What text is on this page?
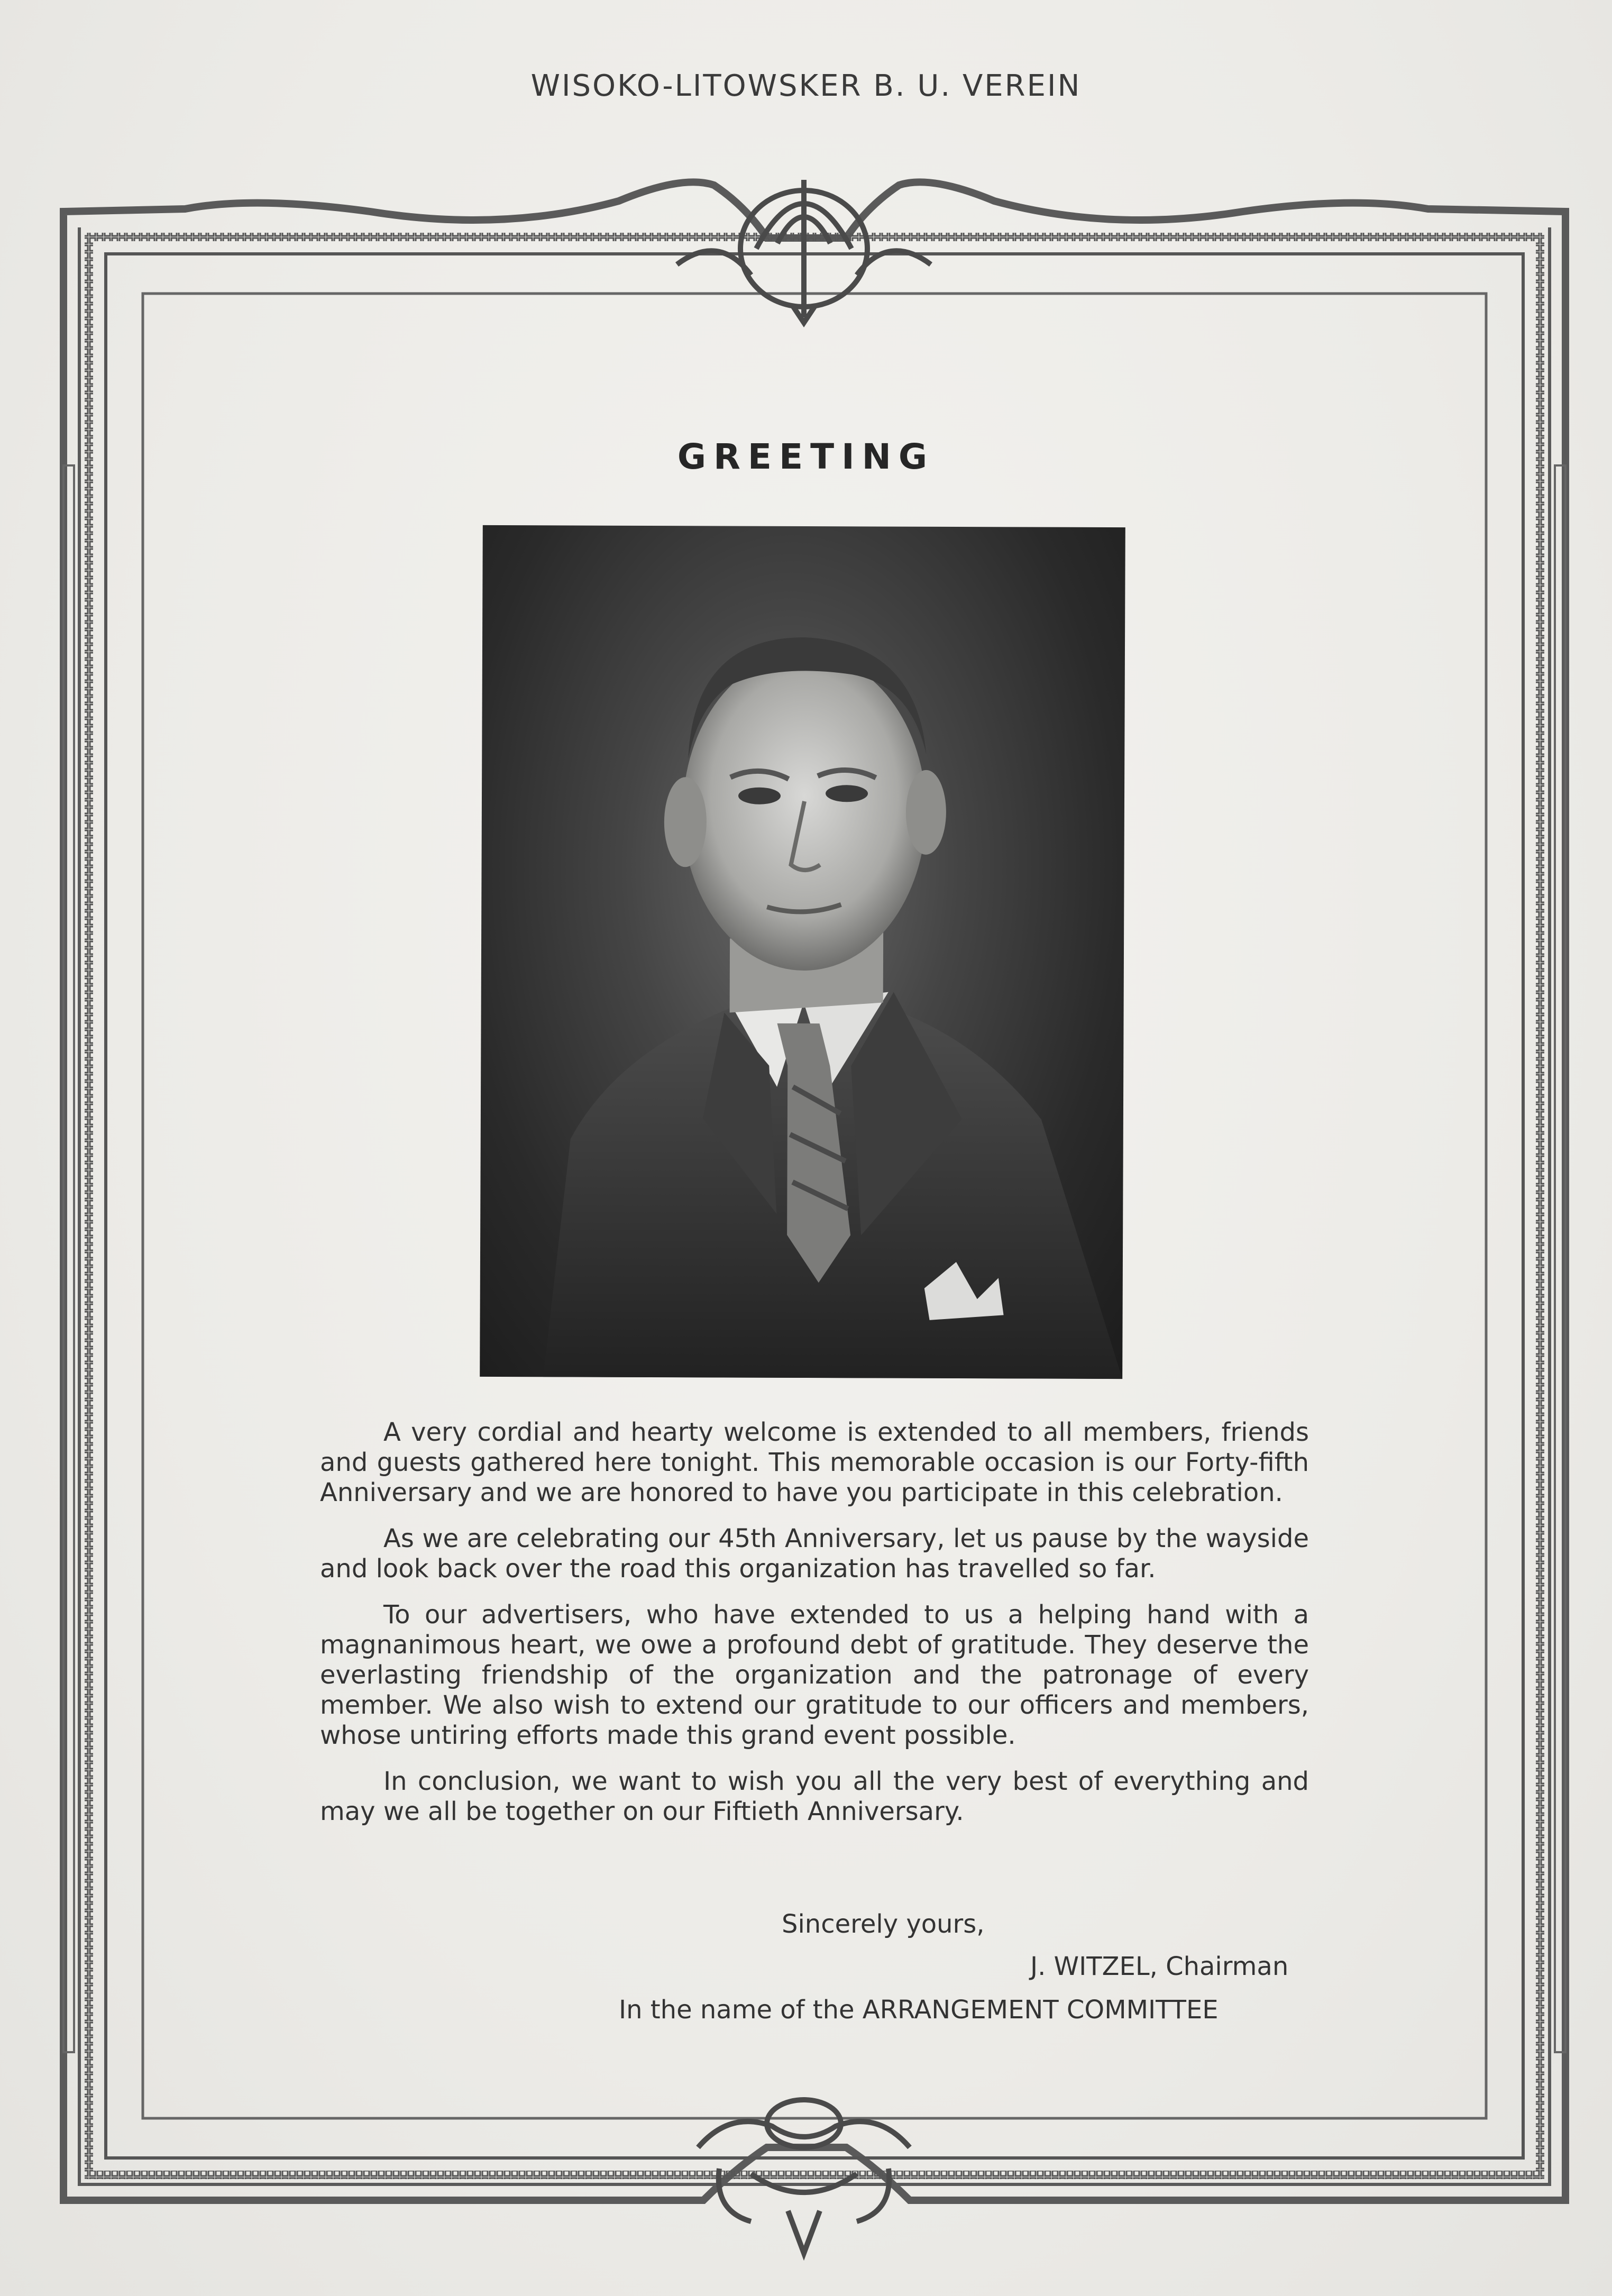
WISOKO-LITOWSKER B. U. VEREIN
GREETING

A very cordial and hearty welcome is extended to all members, friends and guests gathered here tonight. This memorable occasion is our Forty-fifth Anniversary and we are honored to have you participate in this celebration.

As we are celebrating our 45th Anniversary, let us pause by the wayside and look back over the road this organization has travelled so far.

To our advertisers, who have extended to us a helping hand with a magnanimous heart, we owe a profound debt of gratitude. They deserve the everlasting friendship of the organization and the patronage of every member. We also wish to extend our gratitude to our officers and members, whose untiring efforts made this grand event possible.

In conclusion, we want to wish you all the very best of everything and may we all be together on our Fiftieth Anniversary.

Sincerely yours,
J. WITZEL, Chairman
In the name of the ARRANGEMENT COMMITTEE
